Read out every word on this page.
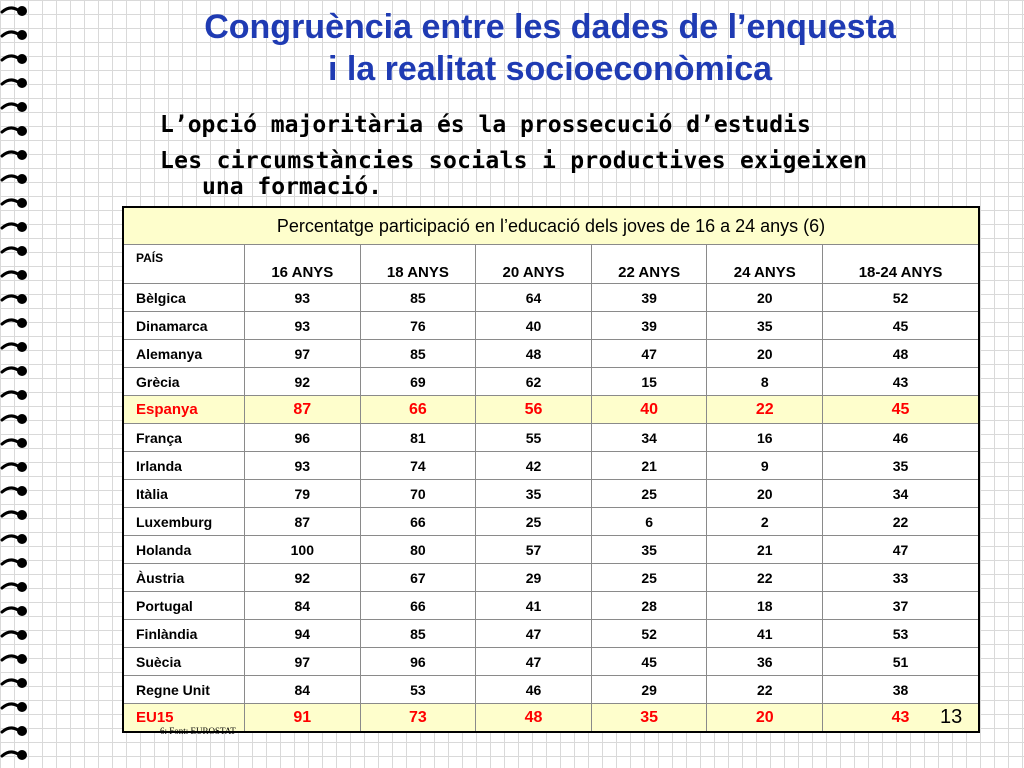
Congruència entre les dades de l’enquesta
i la realitat socioeconòmica
L’opció majoritària és la prossecució d’estudis
Les circumstàncies socials i productives exigeixen
una formació.
Percentatge participació en l’educació dels joves de 16 a 24 anys (6)						
PAÍS	16 ANYS	18 ANYS	20 ANYS	22 ANYS	24 ANYS	18-24 ANYS
Bèlgica	93	85	64	39	20	52
Dinamarca	93	76	40	39	35	45
Alemanya	97	85	48	47	20	48
Grècia	92	69	62	15	8	43
Espanya	87	66	56	40	22	45
França	96	81	55	34	16	46
Irlanda	93	74	42	21	9	35
Itàlia	79	70	35	25	20	34
Luxemburg	87	66	25	6	2	22
Holanda	100	80	57	35	21	47
Àustria	92	67	29	25	22	33
Portugal	84	66	41	28	18	37
Finlàndia	94	85	47	52	41	53
Suècia	97	96	47	45	36	51
Regne Unit	84	53	46	29	22	38
EU15	91	73	48	35	20	43
6: Font: EUROSTAT
13
